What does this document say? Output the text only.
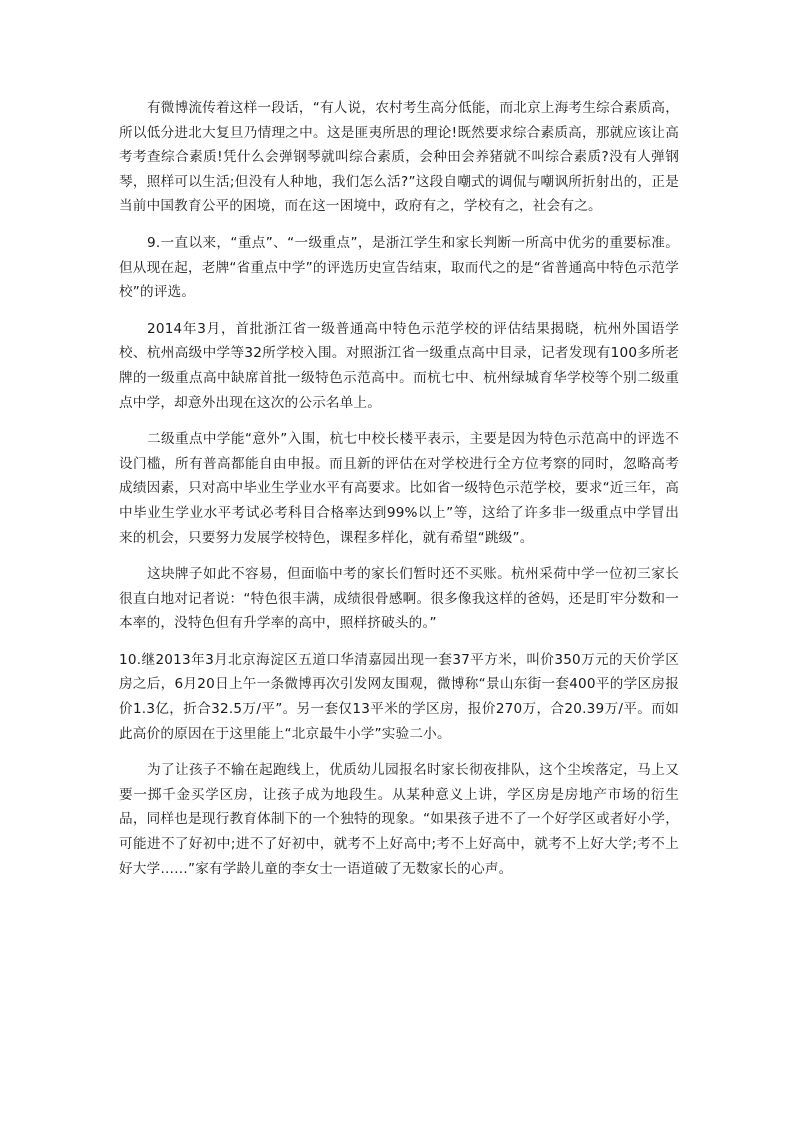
有微博流传着这样一段话，“有人说，农村考生高分低能，而北京上海考生综合素质高，所以低分进北大复旦乃情理之中。这是匪夷所思的理论!既然要求综合素质高，那就应该让高考考查综合素质!凭什么会弹钢琴就叫综合素质，会种田会养猪就不叫综合素质?没有人弹钢琴，照样可以生活;但没有人种地，我们怎么活?”这段自嘲式的调侃与嘲讽所折射出的，正是当前中国教育公平的困境，而在这一困境中，政府有之，学校有之，社会有之。

9.一直以来，“重点”、“一级重点”，是浙江学生和家长判断一所高中优劣的重要标准。但从现在起，老牌“省重点中学”的评选历史宣告结束，取而代之的是“省普通高中特色示范学校”的评选。

2014年3月，首批浙江省一级普通高中特色示范学校的评估结果揭晓，杭州外国语学校、杭州高级中学等32所学校入围。对照浙江省一级重点高中目录，记者发现有100多所老牌的一级重点高中缺席首批一级特色示范高中。而杭七中、杭州绿城育华学校等个别二级重点中学，却意外出现在这次的公示名单上。

二级重点中学能“意外”入围，杭七中校长楼平表示，主要是因为特色示范高中的评选不设门槛，所有普高都能自由申报。而且新的评估在对学校进行全方位考察的同时，忽略高考成绩因素，只对高中毕业生学业水平有高要求。比如省一级特色示范学校，要求“近三年，高中毕业生学业水平考试必考科目合格率达到99%以上”等，这给了许多非一级重点中学冒出来的机会，只要努力发展学校特色，课程多样化，就有希望“跳级”。

这块牌子如此不容易，但面临中考的家长们暂时还不买账。杭州采荷中学一位初三家长很直白地对记者说：“特色很丰满，成绩很骨感啊。很多像我这样的爸妈，还是盯牢分数和一本率的，没特色但有升学率的高中，照样挤破头的。”

10.继2013年3月北京海淀区五道口华清嘉园出现一套37平方米，叫价350万元的天价学区房之后，6月20日上午一条微博再次引发网友围观，微博称“景山东街一套400平的学区房报价1.3亿，折合32.5万/平”。另一套仅13平米的学区房，报价270万，合20.39万/平。而如此高价的原因在于这里能上“北京最牛小学”实验二小。

为了让孩子不输在起跑线上，优质幼儿园报名时家长彻夜排队，这个尘埃落定，马上又要一掷千金买学区房，让孩子成为地段生。从某种意义上讲，学区房是房地产市场的衍生品，同样也是现行教育体制下的一个独特的现象。“如果孩子进不了一个好学区或者好小学，可能进不了好初中;进不了好初中，就考不上好高中;考不上好高中，就考不上好大学;考不上好大学……”家有学龄儿童的李女士一语道破了无数家长的心声。
